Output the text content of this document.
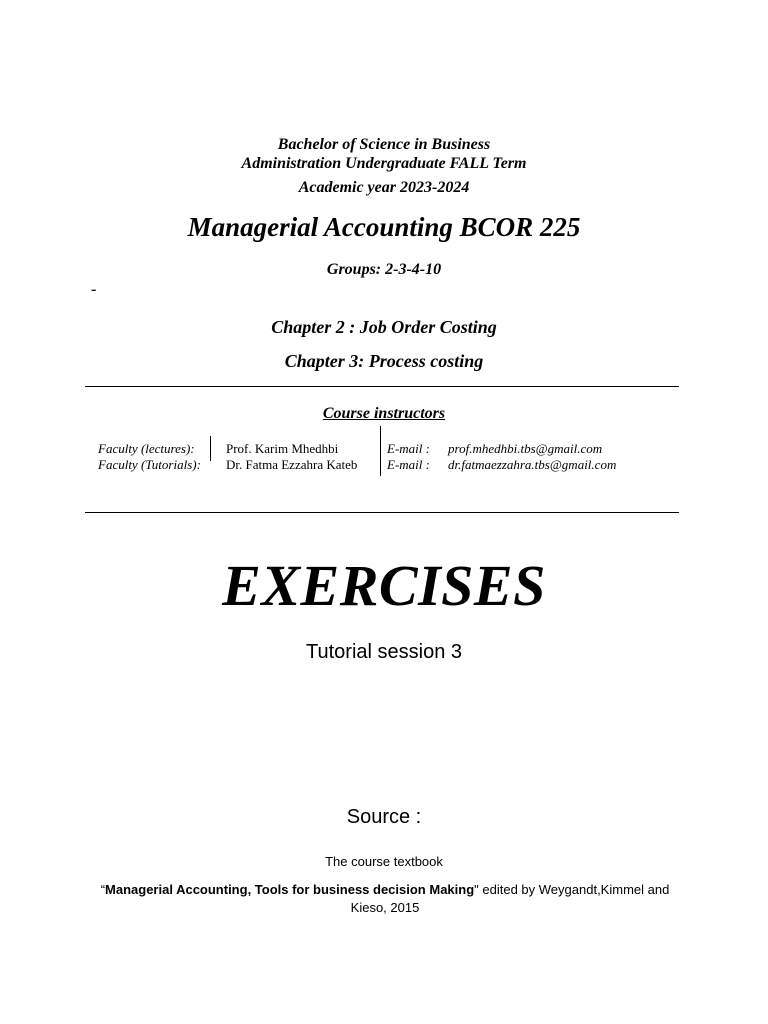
Bachelor of Science in Business
Administration Undergraduate FALL Term
Academic year 2023-2024
Managerial Accounting BCOR 225
Groups: 2-3-4-10
-
Chapter 2 : Job Order Costing
Chapter 3: Process costing
Course instructors
Faculty (lectures):
Faculty (Tutorials):
Prof. Karim Mhedhbi
Dr. Fatma Ezzahra Kateb
E-mail :
E-mail :
prof.mhedhbi.tbs@gmail.com
dr.fatmaezzahra.tbs@gmail.com
EXERCISES
Tutorial session 3
Source :
The course textbook
“Managerial Accounting, Tools for business decision Making" edited by Weygandt,Kimmel and Kieso, 2015
